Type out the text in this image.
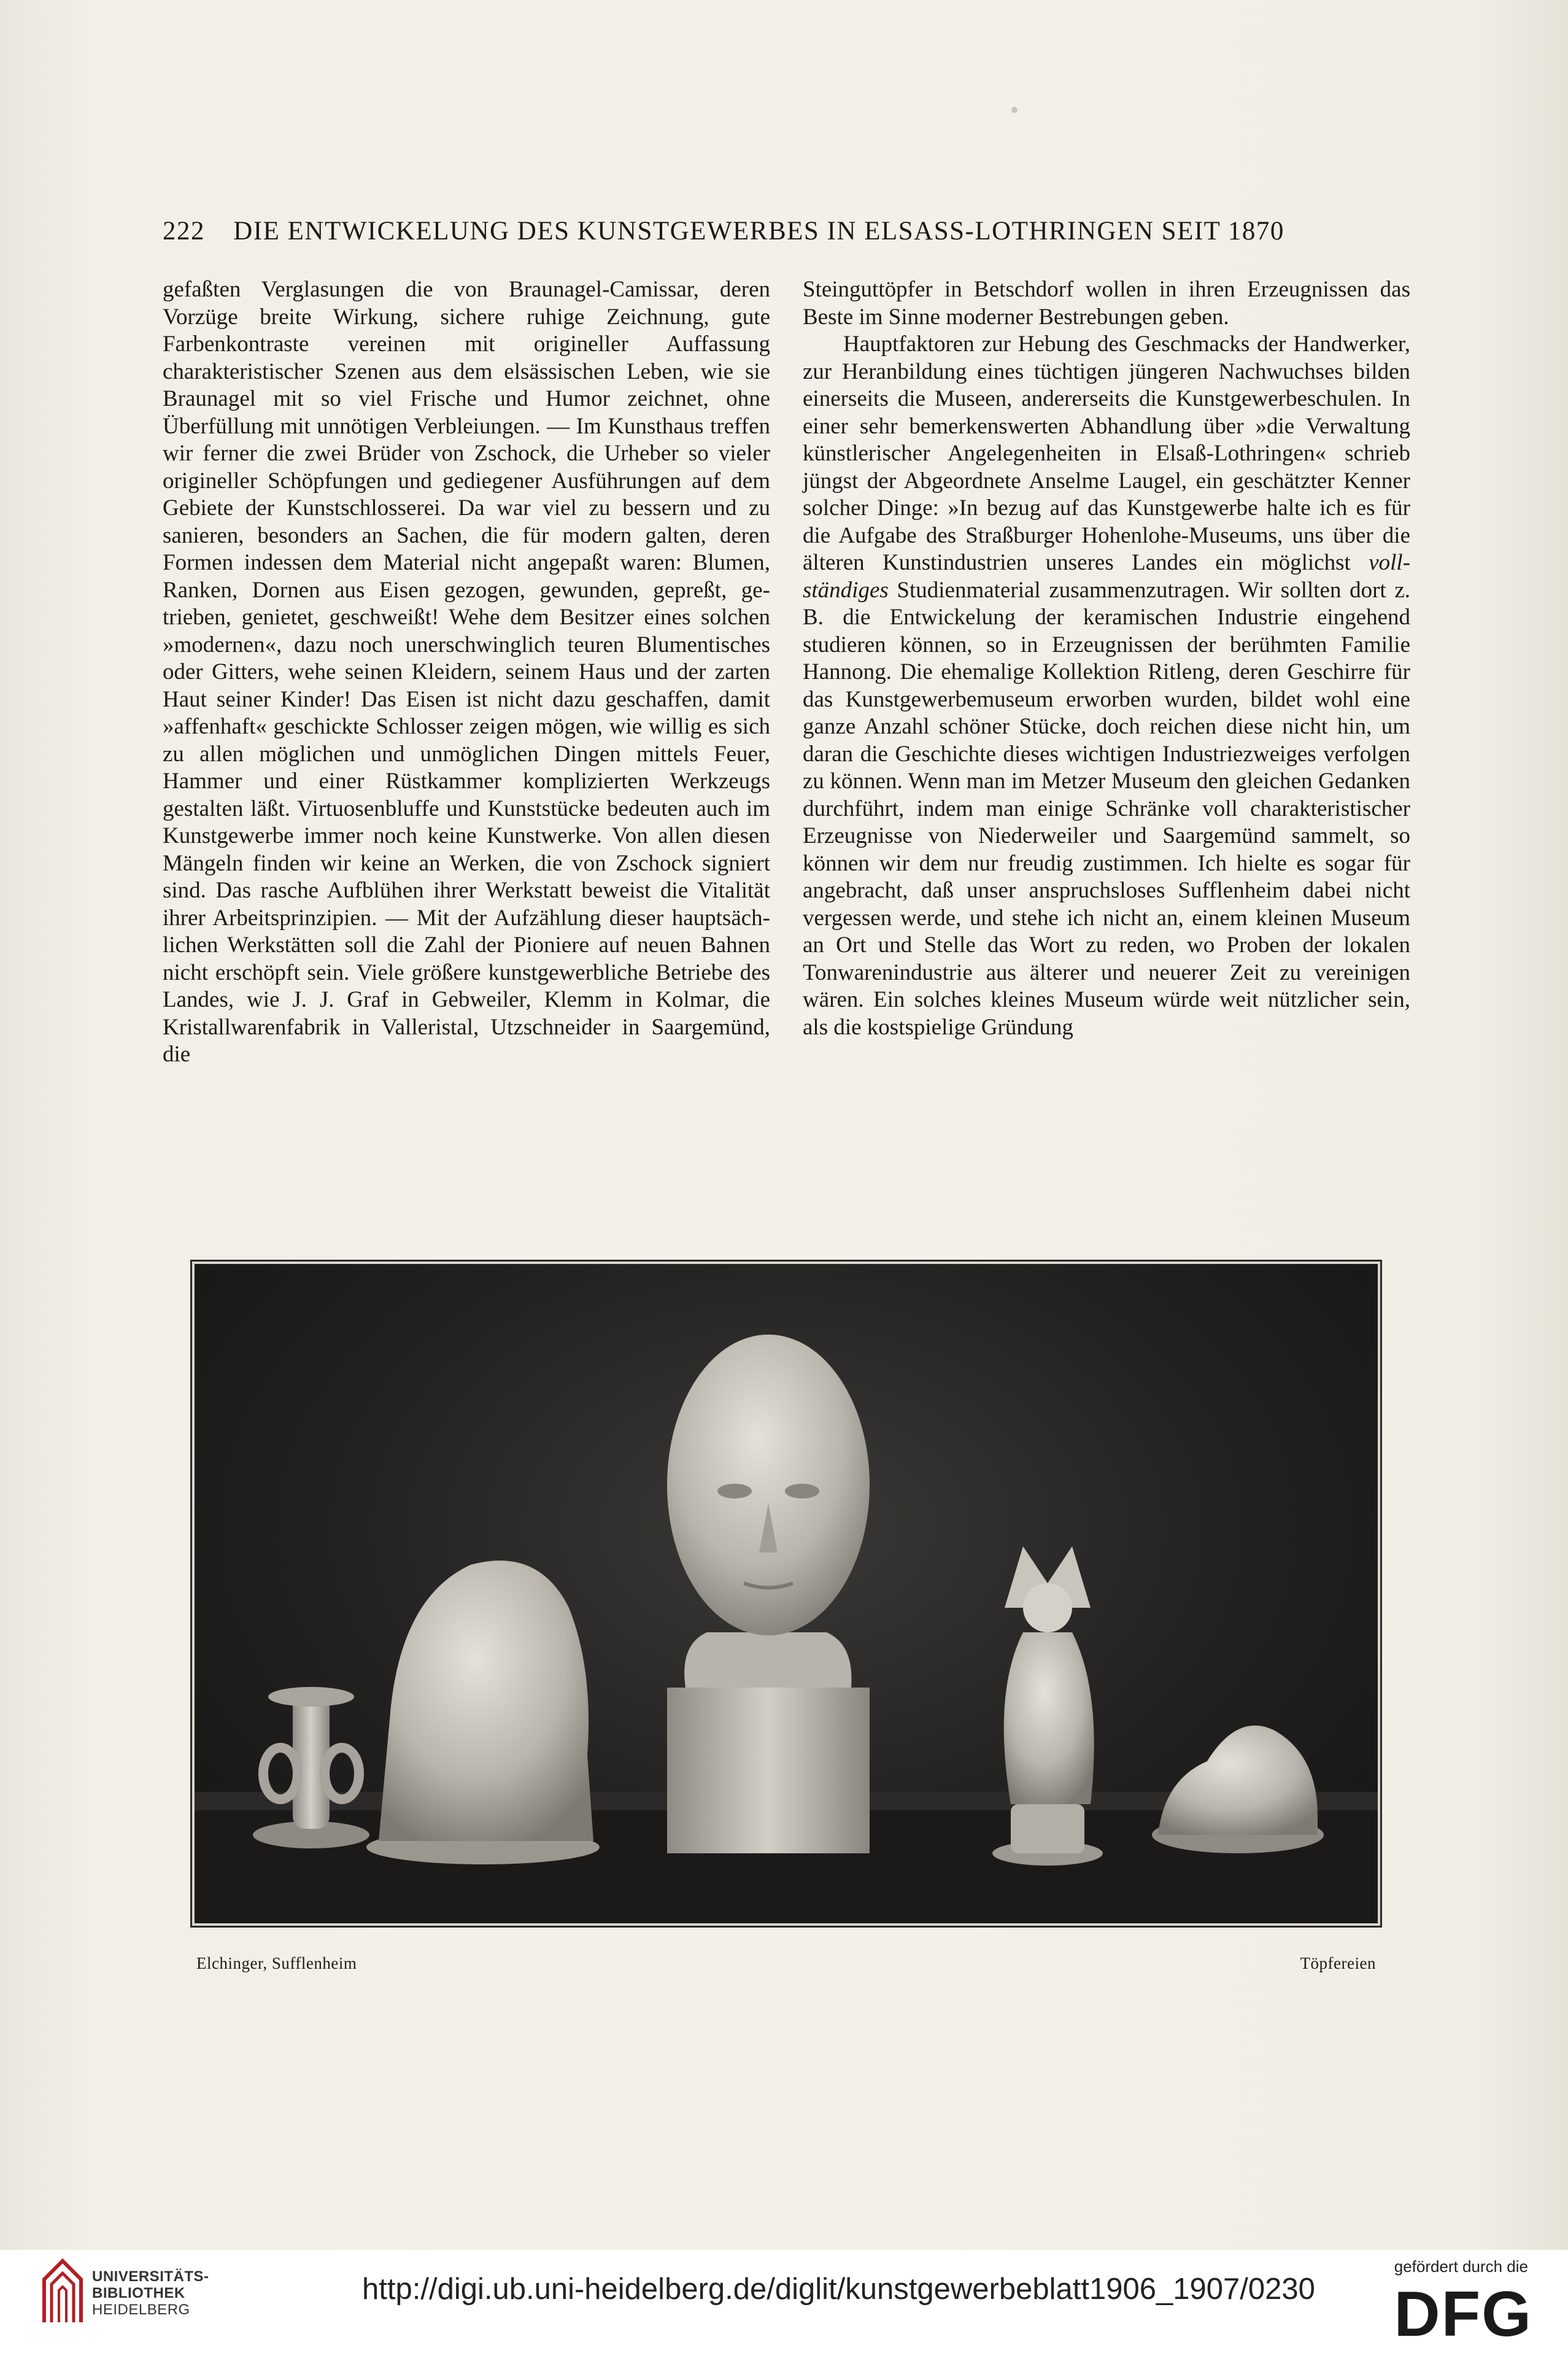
222 DIE ENTWICKELUNG DES KUNSTGEWERBES IN ELSASS-LOTHRINGEN SEIT 1870

gefaßten Verglasungen die von Braunagel-Camissar, deren Vorzüge breite Wirkung, sichere ruhige Zeichnung, gute Farbenkontraste vereinen mit origineller Auffassung charakteristischer Szenen aus dem elsässischen Leben, wie sie Braunagel mit so viel Frische und Humor zeichnet, ohne Überfüllung mit unnötigen Verbleiungen. — Im Kunsthaus treffen wir ferner die zwei Brüder von Zschock, die Urheber so vieler origineller Schöpfungen und gediegener Ausführungen auf dem Gebiete der Kunstschlosserei. Da war viel zu bessern und zu sanieren, besonders an Sachen, die für modern galten, deren Formen indessen dem Material nicht angepaßt waren: Blumen, Ranken, Dornen aus Eisen gezogen, gewunden, gepreßt, getrieben, genietet, geschweißt! Wehe dem Besitzer eines solchen »modernen«, dazu noch unerschwinglich teuren Blumentisches oder Gitters, wehe seinen Kleidern, seinem Haus und der zarten Haut seiner Kinder! Das Eisen ist nicht dazu geschaffen, damit »affenhaft« geschickte Schlosser zeigen mögen, wie willig es sich zu allen möglichen und unmöglichen Dingen mittels Feuer, Hammer und einer Rüstkammer komplizierten Werkzeugs gestalten läßt. Virtuosenbluffe und Kunststücke bedeuten auch im Kunstgewerbe immer noch keine Kunstwerke. Von allen diesen Mängeln finden wir keine an Werken, die von Zschock signiert sind. Das rasche Aufblühen ihrer Werkstatt beweist die Vitalität ihrer Arbeitsprinzipien. — Mit der Aufzählung dieser hauptsächlichen Werkstätten soll die Zahl der Pioniere auf neuen Bahnen nicht erschöpft sein. Viele größere kunstgewerbliche Betriebe des Landes, wie J. J. Graf in Gebweiler, Klemm in Kolmar, die Kristallwarenfabrik in Valleristal, Utzschneider in Saargemünd, die

Steinguttöpfer in Betschdorf wollen in ihren Erzeugnissen das Beste im Sinne moderner Bestrebungen geben.

Hauptfaktoren zur Hebung des Geschmacks der Handwerker, zur Heranbildung eines tüchtigen jüngeren Nachwuchses bilden einerseits die Museen, andererseits die Kunstgewerbeschulen. In einer sehr bemerkenswerten Abhandlung über »die Verwaltung künstlerischer Angelegenheiten in Elsaß-Lothringen« schrieb jüngst der Abgeordnete Anselme Laugel, ein geschätzter Kenner solcher Dinge: »In bezug auf das Kunstgewerbe halte ich es für die Aufgabe des Straßburger Hohenlohe-Museums, uns über die älteren Kunstindustrien unseres Landes ein möglichst vollständiges Studienmaterial zusammenzutragen. Wir sollten dort z. B. die Entwickelung der keramischen Industrie eingehend studieren können, so in Erzeugnissen der berühmten Familie Hannong. Die ehemalige Kollektion Ritleng, deren Geschirre für das Kunstgewerbemuseum erworben wurden, bildet wohl eine ganze Anzahl schöner Stücke, doch reichen diese nicht hin, um daran die Geschichte dieses wichtigen Industriezweiges verfolgen zu können. Wenn man im Metzer Museum den gleichen Gedanken durchführt, indem man einige Schränke voll charakteristischer Erzeugnisse von Niederweiler und Saargemünd sammelt, so können wir dem nur freudig zustimmen. Ich hielte es sogar für angebracht, daß unser anspruchsloses Sufflenheim dabei nicht vergessen werde, und stehe ich nicht an, einem kleinen Museum an Ort und Stelle das Wort zu reden, wo Proben der lokalen Tonwarenindustrie aus älterer und neuerer Zeit zu vereinigen wären. Ein solches kleines Museum würde weit nützlicher sein, als die kostspielige Gründung

Elchinger, Sufflenheim	Töpfereien
UNIVERSITÄTS-
BIBLIOTHEK
HEIDELBERG
http://digi.ub.uni-heidelberg.de/diglit/kunstgewerbeblatt1906_1907/0230
gefördert durch die
DFG
